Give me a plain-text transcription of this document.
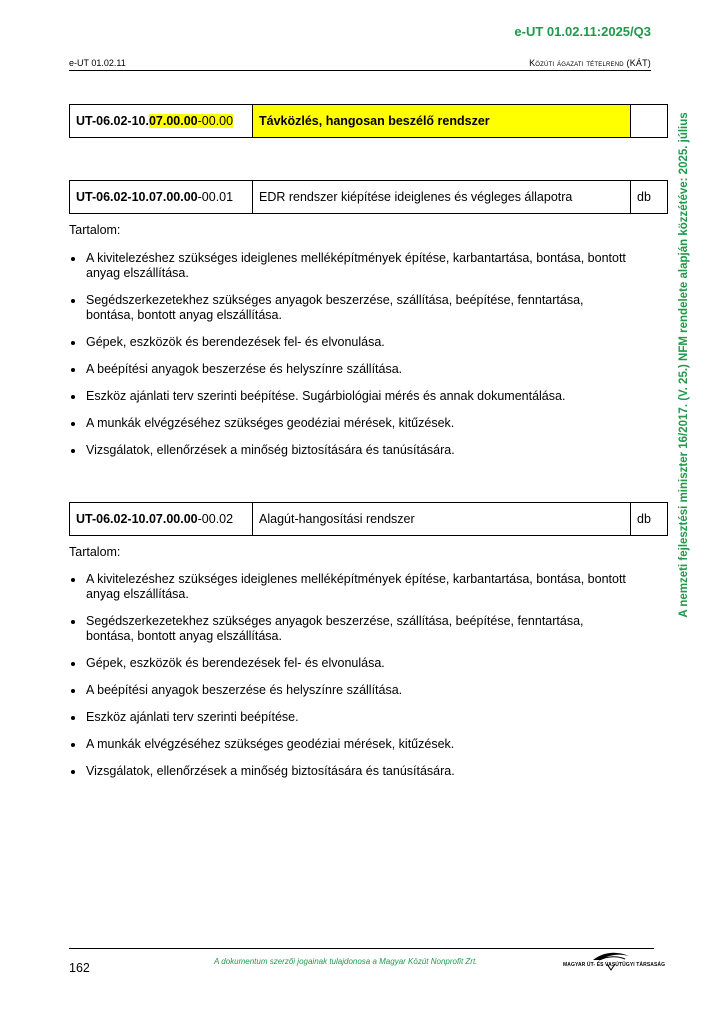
e-UT 01.02.11:2025/Q3
e-UT 01.02.11	Közúti ágazati tételrend (KÁT)
UT-06.02-10.07.00.00-00.00	Távközlés, hangosan beszélő rendszer	
UT-06.02-10.07.00.00-00.01	EDR rendszer kiépítése ideiglenes és végleges állapotra	db
Tartalom:
A kivitelezéshez szükséges ideiglenes melléképítmények építése, karbantartása, bontása, bontott anyag elszállítása.
Segédszerkezetekhez szükséges anyagok beszerzése, szállítása, beépítése, fenntartása, bontása, bontott anyag elszállítása.
Gépek, eszközök és berendezések fel- és elvonulása.
A beépítési anyagok beszerzése és helyszínre szállítása.
Eszköz ajánlati terv szerinti beépítése. Sugárbiológiai mérés és annak dokumentálása.
A munkák elvégzéséhez szükséges geodéziai mérések, kitűzések.
Vizsgálatok, ellenőrzések a minőség biztosítására és tanúsítására.
UT-06.02-10.07.00.00-00.02	Alagút-hangosítási rendszer	db
Tartalom:
A kivitelezéshez szükséges ideiglenes melléképítmények építése, karbantartása, bontása, bontott anyag elszállítása.
Segédszerkezetekhez szükséges anyagok beszerzése, szállítása, beépítése, fenntartása, bontása, bontott anyag elszállítása.
Gépek, eszközök és berendezések fel- és elvonulása.
A beépítési anyagok beszerzése és helyszínre szállítása.
Eszköz ajánlati terv szerinti beépítése.
A munkák elvégzéséhez szükséges geodéziai mérések, kitűzések.
Vizsgálatok, ellenőrzések a minőség biztosítására és tanúsítására.
A nemzeti fejlesztési miniszter 16/2017. (V. 25.) NFM rendelete alapján közzétéve: 2025. július
162	A dokumentum szerzői jogainak tulajdonosa a Magyar Közút Nonprofit Zrt.	MAGYAR ÚT- ÉS VASÚTÜGYI TÁRSASÁG
